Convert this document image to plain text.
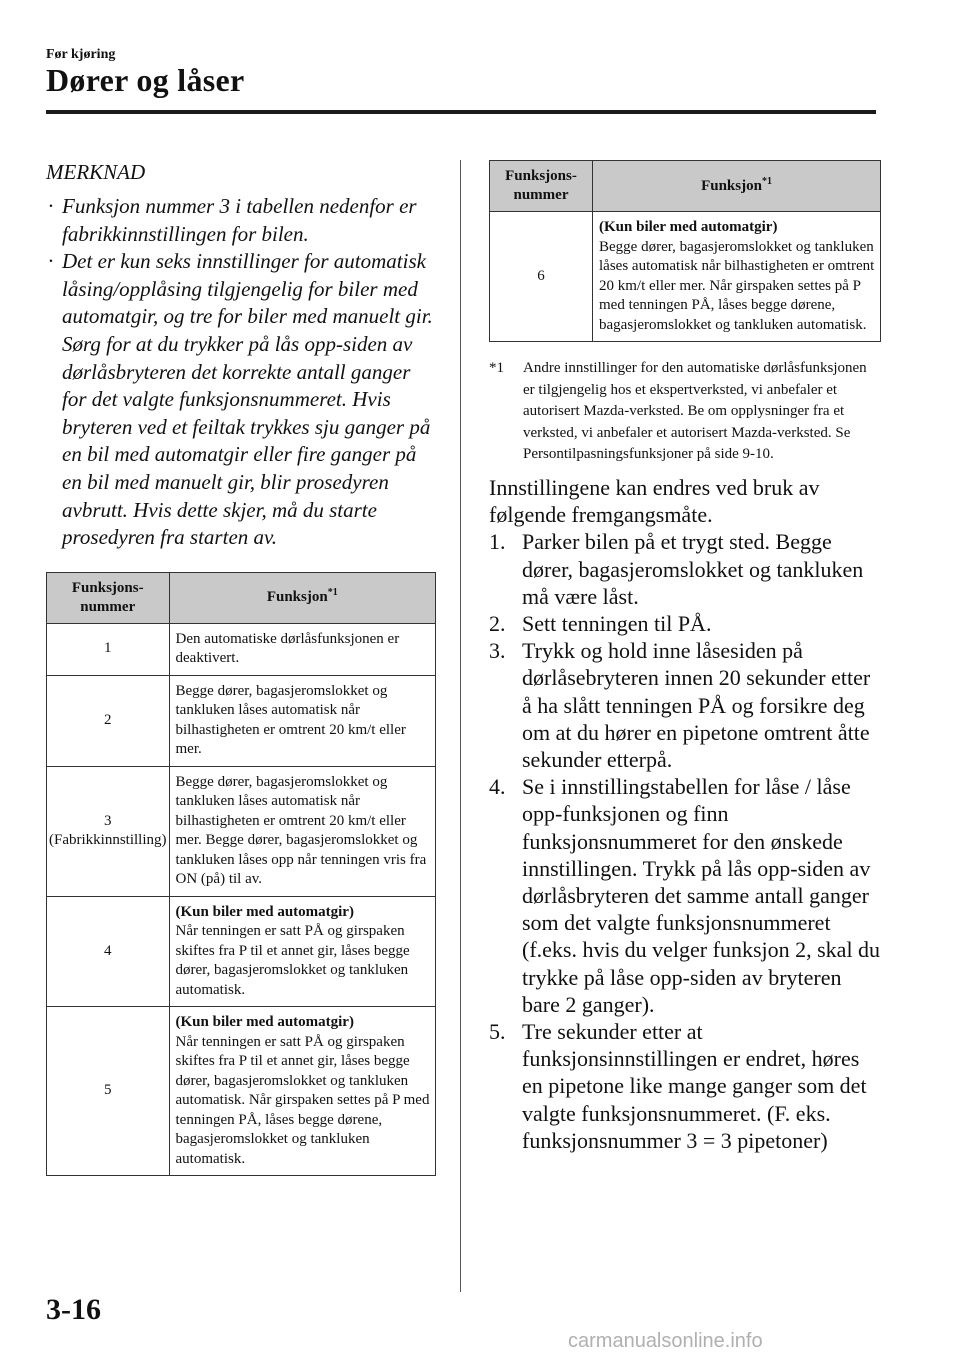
Før kjøring
Dører og låser
MERKNAD
· Funksjon nummer 3 i tabellen nedenfor er fabrikkinnstillingen for bilen.
· Det er kun seks innstillinger for automatisk låsing/opplåsing tilgjengelig for biler med automatgir, og tre for biler med manuelt gir. Sørg for at du trykker på lås opp-siden av dørlåsbryteren det korrekte antall ganger for det valgte funksjonsnummeret. Hvis bryteren ved et feiltak trykkes sju ganger på en bil med automatgir eller fire ganger på en bil med manuelt gir, blir prosedyren avbrutt. Hvis dette skjer, må du starte prosedyren fra starten av.
Funksjons-nummer	Funksjon$^{*1}$
1	Den automatiske dørlåsfunksjonen er deaktivert.
2	Begge dører, bagasjeromslokket og tankluken låses automatisk når bilhastigheten er omtrent 20 km/t eller mer.
3 (Fabrikkinnstilling)	Begge dører, bagasjeromslokket og tankluken låses automatisk når bilhastigheten er omtrent 20 km/t eller mer. Begge dører, bagasjeromslokket og tankluken låses opp når tenningen vris fra ON (på) til av.
4	(Kun biler med automatgir)
Når tenningen er satt PÅ og girspaken skiftes fra P til et annet gir, låses begge dører, bagasjeromslokket og tankluken automatisk.
5	(Kun biler med automatgir)
Når tenningen er satt PÅ og girspaken skiftes fra P til et annet gir, låses begge dører, bagasjeromslokket og tankluken automatisk. Når girspaken settes på P med tenningen PÅ, låses begge dørene, bagasjeromslokket og tankluken automatisk.
Funksjons-nummer	Funksjon$^{*1}$
6	(Kun biler med automatgir)
Begge dører, bagasjeromslokket og tankluken låses automatisk når bilhastigheten er omtrent 20 km/t eller mer. Når girspaken settes på P med tenningen PÅ, låses begge dørene, bagasjeromslokket og tankluken automatisk.
*1 Andre innstillinger for den automatiske dørlåsfunksjonen er tilgjengelig hos et ekspertverksted, vi anbefaler et autorisert Mazda-verksted. Be om opplysninger fra et verksted, vi anbefaler et autorisert Mazda-verksted. Se Persontilpasningsfunksjoner på side 9-10.
Innstillingene kan endres ved bruk av følgende fremgangsmåte.
1. Parker bilen på et trygt sted. Begge dører, bagasjeromslokket og tankluken må være låst.
2. Sett tenningen til PÅ.
3. Trykk og hold inne låsesiden på dørlåsebryteren innen 20 sekunder etter å ha slått tenningen PÅ og forsikre deg om at du hører en pipetone omtrent åtte sekunder etterpå.
4. Se i innstillingstabellen for låse / låse opp-funksjonen og finn funksjonsnummeret for den ønskede innstillingen. Trykk på lås opp-siden av dørlåsbryteren det samme antall ganger som det valgte funksjonsnummeret (f.eks. hvis du velger funksjon 2, skal du trykke på låse opp-siden av bryteren bare 2 ganger).
5. Tre sekunder etter at funksjonsinnstillingen er endret, høres en pipetone like mange ganger som det valgte funksjonsnummeret. (F. eks. funksjonsnummer 3 = 3 pipetoner)
3-16
carmanualsonline.info
